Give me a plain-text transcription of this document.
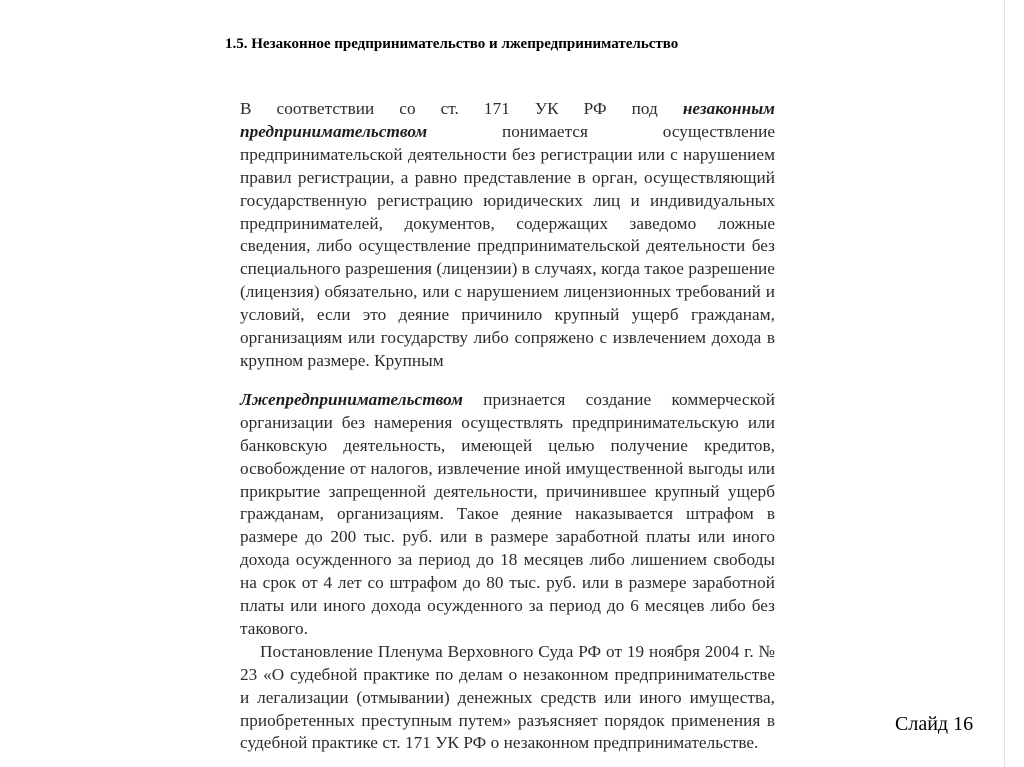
1.5. Незаконное предпринимательство и лжепредпринимательство

В соответствии со ст. 171 УК РФ под незаконным предпринимательством понимается осуществление предпринимательской деятельности без регистрации или с нарушением правил регистрации, а равно представление в орган, осуществляющий государственную регистрацию юридических лиц и индивидуальных предпринимателей, документов, содержащих заведомо ложные сведения, либо осуществление предпринимательской деятельности без специального разрешения (лицензии) в случаях, когда такое разрешение (лицензия) обязательно, или с нарушением лицензионных требований и условий, если это деяние причинило крупный ущерб гражданам, организациям или государству либо сопряжено с извлечением дохода в крупном размере. Крупным

Лжепредпринимательством признается создание коммерческой организации без намерения осуществлять предпринимательскую или банковскую деятельность, имеющей целью получение кредитов, освобождение от налогов, извлечение иной имущественной выгоды или прикрытие запрещенной деятельности, причинившее крупный ущерб гражданам, организациям. Такое деяние наказывается штрафом в размере до 200 тыс. руб. или в размере заработной платы или иного дохода осужденного за период до 18 месяцев либо лишением свободы на срок от 4 лет со штрафом до 80 тыс. руб. или в размере заработной платы или иного дохода осужденного за период до 6 месяцев либо без такового.

Постановление Пленума Верховного Суда РФ от 19 ноября 2004 г. № 23 «О судебной практике по делам о незаконном предпринимательстве и легализации (отмывании) денежных средств или иного имущества, приобретенных преступным путем» разъясняет порядок применения в судебной практике ст. 171 УК РФ о незаконном предпринимательстве.

Слайд 16
